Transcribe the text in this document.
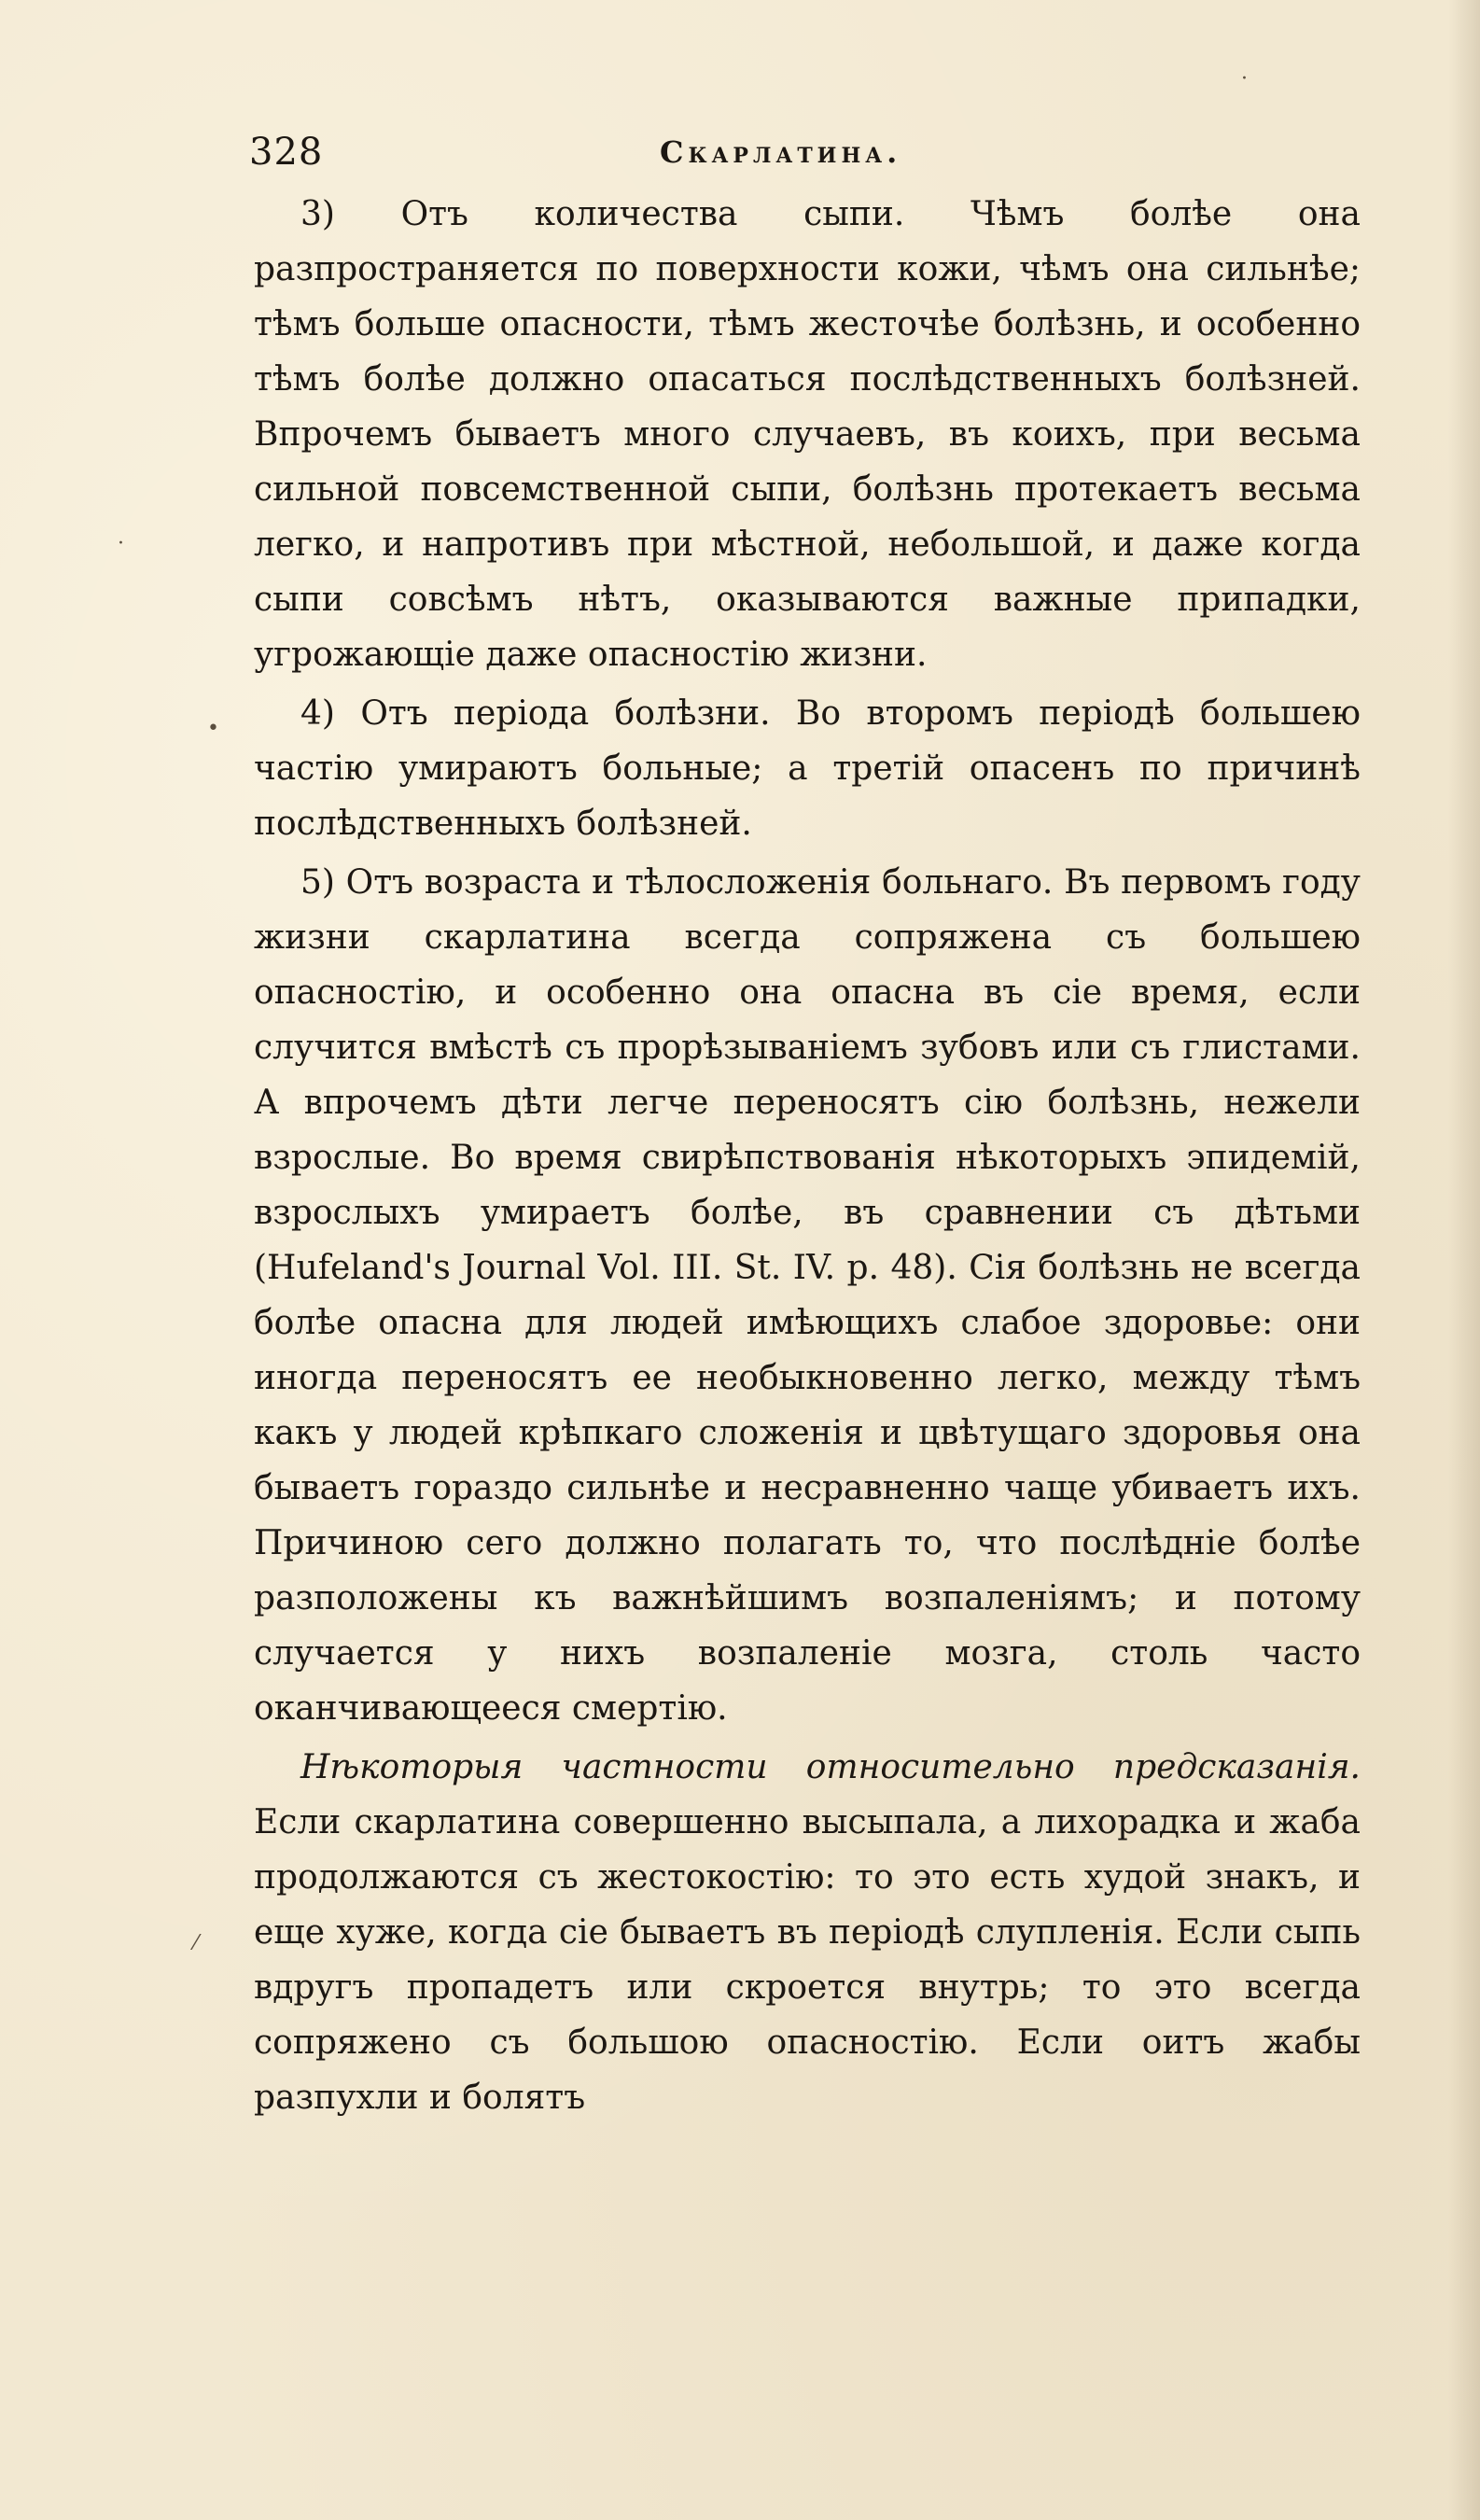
328	Скарлатина.

3) Отъ количества сыпи. Чѣмъ болѣе она разпространяется по поверхности кожи, чѣмъ она сильнѣе; тѣмъ больше опасности, тѣмъ жесточѣе болѣзнь, и особенно тѣмъ болѣе должно опасаться послѣдственныхъ болѣзней. Впрочемъ бываетъ много случаевъ, въ коихъ, при весьма сильной повсемственной сыпи, болѣзнь протекаетъ весьма легко, и напротивъ при мѣстной, небольшой, и даже когда сыпи совсѣмъ нѣтъ, оказываются важные припадки, угрожающіе даже опасностію жизни.

4) Отъ періода болѣзни. Во второмъ періодѣ большею частію умираютъ больные; а третій опасенъ по причинѣ послѣдственныхъ болѣзней.

5) Отъ возраста и тѣлосложенія больнаго. Въ первомъ году жизни скарлатина всегда сопряжена съ большею опасностію, и особенно она опасна въ сіе время, если случится вмѣстѣ съ прорѣзываніемъ зубовъ или съ глистами. А впрочемъ дѣти легче переносятъ сію болѣзнь, нежели взрослые. Во время свирѣпствованія нѣкоторыхъ эпидемій, взрослыхъ умираетъ болѣе, въ сравнении съ дѣтьми (Hufeland's Journal Vol. III. St. IV. p. 48). Сія болѣзнь не всегда болѣе опасна для людей имѣющихъ слабое здоровье: они иногда переносятъ ее необыкновенно легко, между тѣмъ какъ у людей крѣпкаго сложенія и цвѣтущаго здоровья она бываетъ гораздо сильнѣе и несравненно чаще убиваетъ ихъ. Причиною сего должно полагать то, что послѣдніе болѣе разположены къ важнѣйшимъ возпаленіямъ; и потому случается у нихъ возпаленіе мозга, столь часто оканчивающееся смертію.

Нѣкоторыя частности относительно предсказанія. Если скарлатина совершенно высыпала, а лихорадка и жаба продолжаются съ жестокостію: то это есть худой знакъ, и еще хуже, когда сіе бываетъ въ періодѣ слупленія. Если сыпь вдругъ пропадетъ или скроется внутрь; то это всегда сопряжено съ большою опасностію. Если оитъ жабы разпухли и болятъ

·
·
•
⁄
